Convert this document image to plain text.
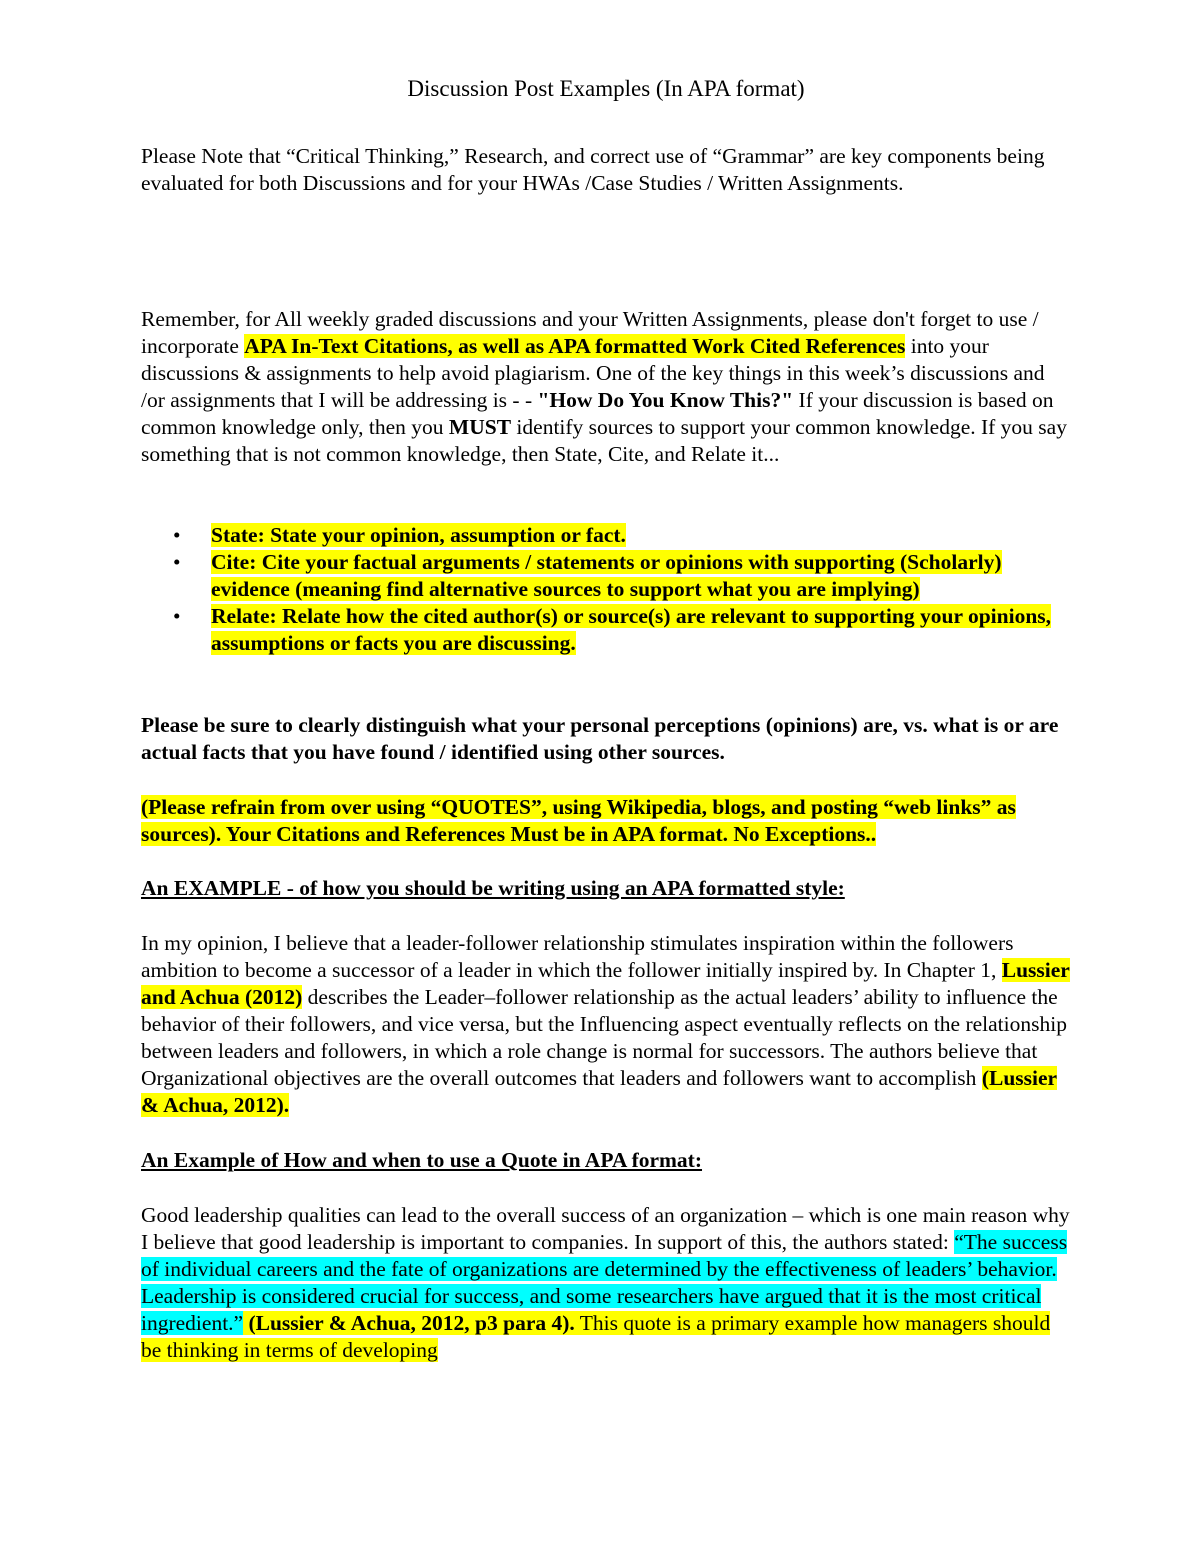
Discussion Post Examples (In APA format)

Please Note that “Critical Thinking,” Research, and correct use of “Grammar” are key components being evaluated for both Discussions and for your HWAs /Case Studies / Written Assignments.

Remember, for All weekly graded discussions and your Written Assignments, please don't forget to use / incorporate APA In-Text Citations, as well as APA formatted Work Cited References into your discussions & assignments to help avoid plagiarism. One of the key things in this week’s discussions and /or assignments that I will be addressing is - - "How Do You Know This?" If your discussion is based on common knowledge only, then you MUST identify sources to support your common knowledge. If you say something that is not common knowledge, then State, Cite, and Relate it...

• State: State your opinion, assumption or fact.
• Cite: Cite your factual arguments / statements or opinions with supporting (Scholarly) evidence (meaning find alternative sources to support what you are implying)
• Relate: Relate how the cited author(s) or source(s) are relevant to supporting your opinions, assumptions or facts you are discussing.

Please be sure to clearly distinguish what your personal perceptions (opinions) are, vs. what is or are actual facts that you have found / identified using other sources.

(Please refrain from over using “QUOTES”, using Wikipedia, blogs, and posting “web links” as sources). Your Citations and References Must be in APA format. No Exceptions..

An EXAMPLE - of how you should be writing using an APA formatted style:

In my opinion, I believe that a leader-follower relationship stimulates inspiration within the followers ambition to become a successor of a leader in which the follower initially inspired by. In Chapter 1, Lussier and Achua (2012) describes the Leader–follower relationship as the actual leaders’ ability to influence the behavior of their followers, and vice versa, but the Influencing aspect eventually reflects on the relationship between leaders and followers, in which a role change is normal for successors. The authors believe that Organizational objectives are the overall outcomes that leaders and followers want to accomplish (Lussier & Achua, 2012).

An Example of How and when to use a Quote in APA format:

Good leadership qualities can lead to the overall success of an organization – which is one main reason why I believe that good leadership is important to companies. In support of this, the authors stated: “The success of individual careers and the fate of organizations are determined by the effectiveness of leaders’ behavior. Leadership is considered crucial for success, and some researchers have argued that it is the most critical ingredient.” (Lussier & Achua, 2012, p3 para 4). This quote is a primary example how managers should be thinking in terms of developing
